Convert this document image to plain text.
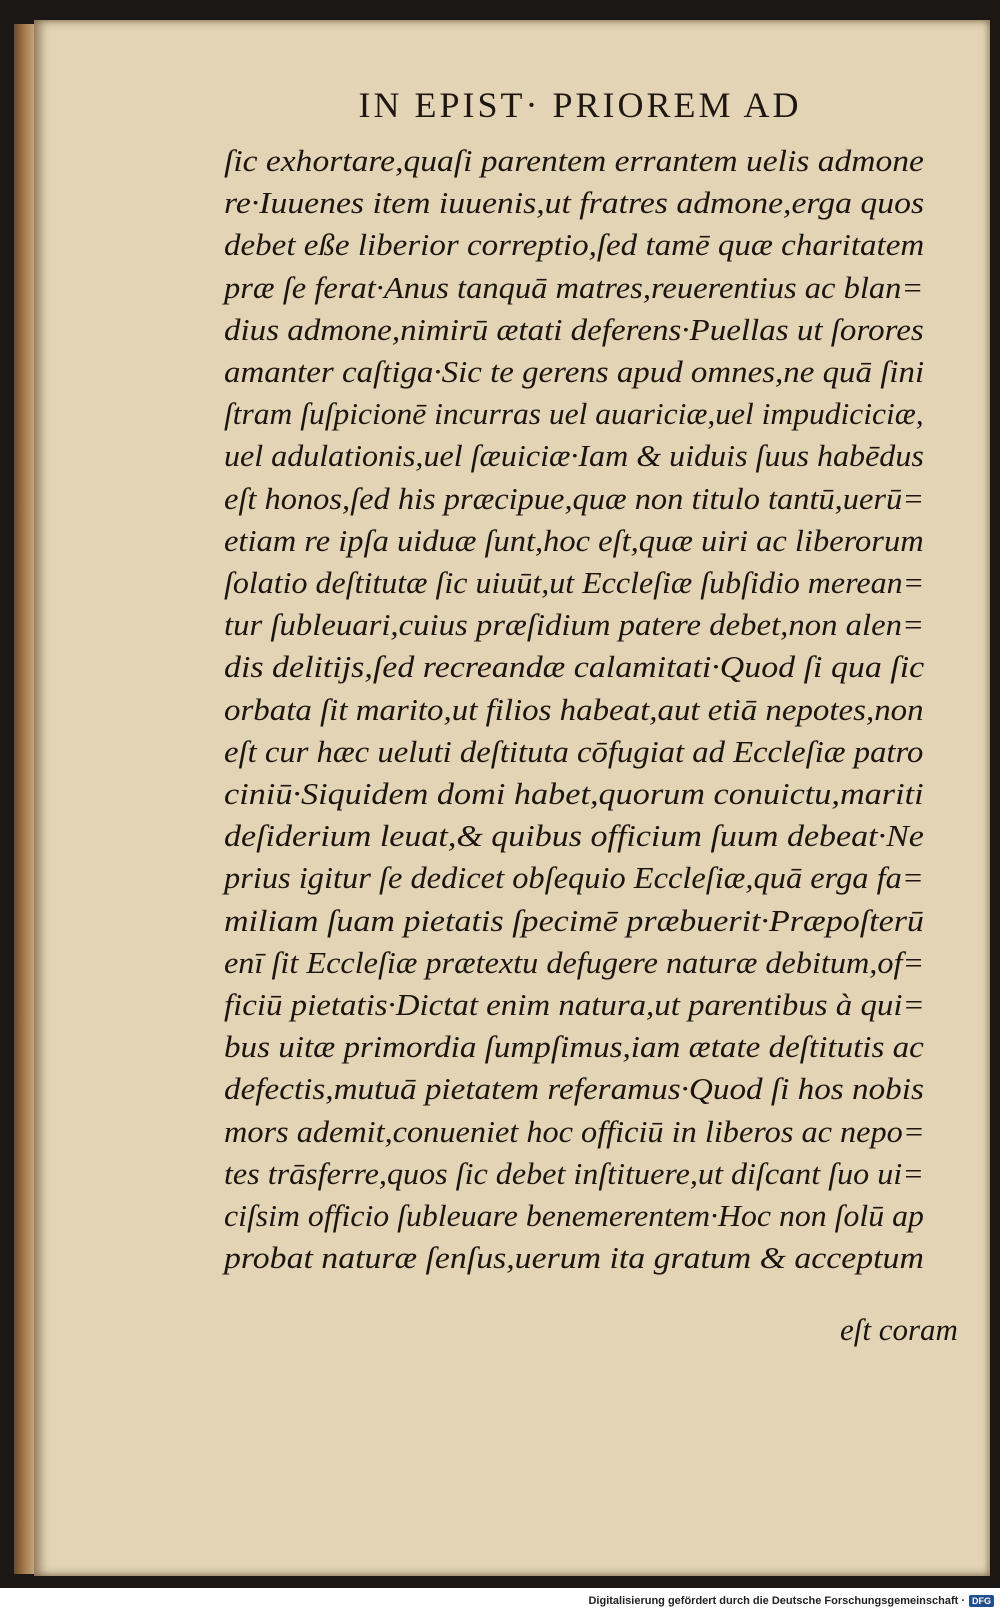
IN EPIST· PRIOREM AD
ſic exhortare,quaſi parentem errantem uelis admone
re·Iuuenes item iuuenis,ut fratres admone,erga quos
debet eße liberior correptio,ſed tamē quæ charitatem
præ ſe ferat·Anus tanquā matres,reuerentius ac blan=
dius admone,nimirū ætati deferens·Puellas ut ſorores
amanter caſtiga·Sic te gerens apud omnes,ne quā ſini
ſtram ſuſpicionē incurras uel auariciæ,uel impudiciciæ,
uel adulationis,uel ſæuiciæ·Iam & uiduis ſuus habēdus
eſt honos,ſed his præcipue,quæ non titulo tantū,uerū=
etiam re ipſa uiduæ ſunt,hoc eſt,quæ uiri ac liberorum
ſolatio deſtitutæ ſic uiuūt,ut Eccleſiæ ſubſidio merean=
tur ſubleuari,cuius præſidium patere debet,non alen=
dis delitijs,ſed recreandæ calamitati·Quod ſi qua ſic
orbata ſit marito,ut filios habeat,aut etiā nepotes,non
eſt cur hæc ueluti deſtituta cōfugiat ad Eccleſiæ patro
ciniū·Siquidem domi habet,quorum conuictu,mariti
deſiderium leuat,& quibus officium ſuum debeat·Ne
prius igitur ſe dedicet obſequio Eccleſiæ,quā erga fa=
miliam ſuam pietatis ſpecimē præbuerit·Præpoſterū
enī ſit Eccleſiæ prætextu defugere naturæ debitum,of=
ficiū pietatis·Dictat enim natura,ut parentibus à qui=
bus uitæ primordia ſumpſimus,iam ætate deſtitutis ac
defectis,mutuā pietatem referamus·Quod ſi hos nobis
mors ademit,conueniet hoc officiū in liberos ac nepo=
tes trāsferre,quos ſic debet inſtituere,ut diſcant ſuo ui=
ciſsim officio ſubleuare benemerentem·Hoc non ſolū ap
probat naturæ ſenſus,uerum ita gratum & acceptum
eſt coram
Digitalisierung gefördert durch die Deutsche Forschungsgemeinschaft · DFG
